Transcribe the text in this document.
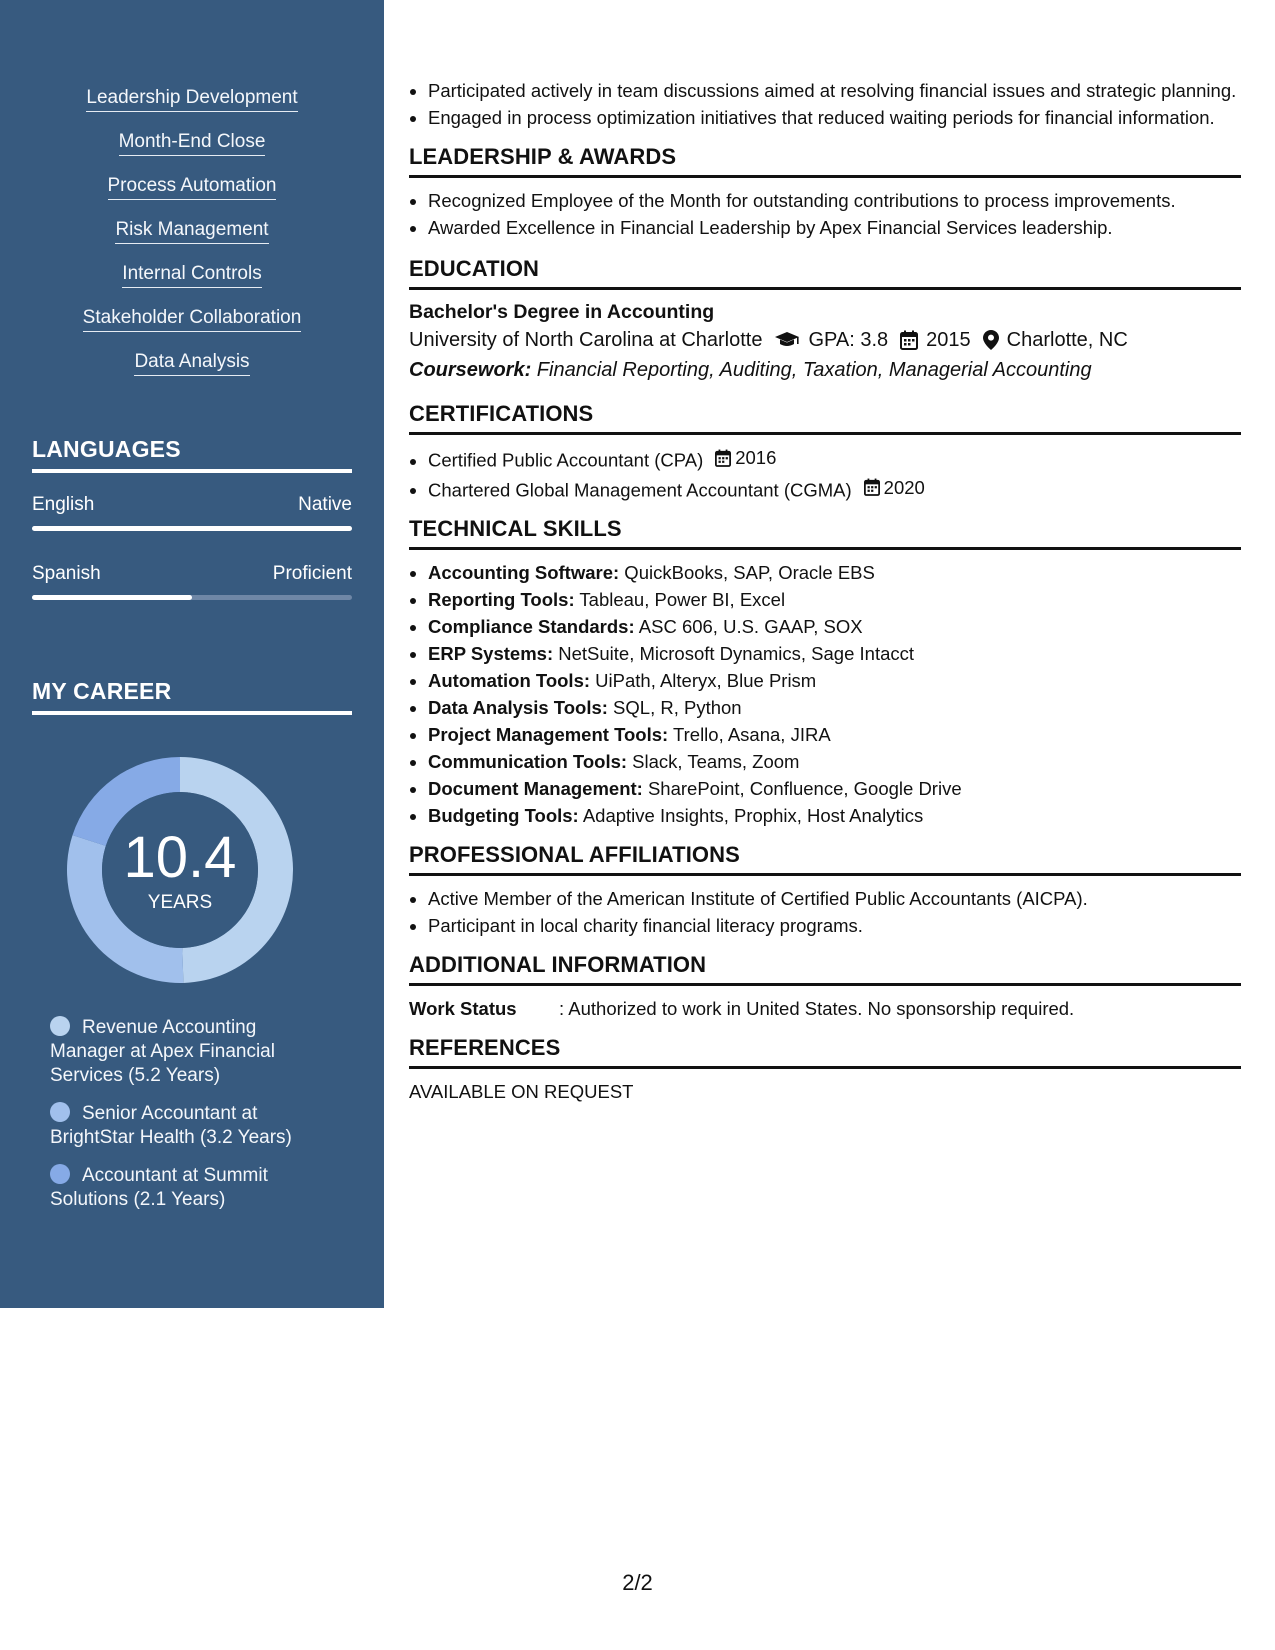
Leadership Development
Month-End Close
Process Automation
Risk Management
Internal Controls
Stakeholder Collaboration
Data Analysis
LANGUAGES
English	Native
Spanish	Proficient
MY CAREER
10.4
YEARS
Revenue Accounting Manager at Apex Financial Services (5.2 Years)
Senior Accountant at BrightStar Health (3.2 Years)
Accountant at Summit Solutions (2.1 Years)
• Participated actively in team discussions aimed at resolving financial issues and strategic planning.
• Engaged in process optimization initiatives that reduced waiting periods for financial information.
LEADERSHIP & AWARDS
• Recognized Employee of the Month for outstanding contributions to process improvements.
• Awarded Excellence in Financial Leadership by Apex Financial Services leadership.
EDUCATION
Bachelor's Degree in Accounting
University of North Carolina at Charlotte GPA: 3.8 2015 Charlotte, NC
Coursework: Financial Reporting, Auditing, Taxation, Managerial Accounting
CERTIFICATIONS
• Certified Public Accountant (CPA) 2016
• Chartered Global Management Accountant (CGMA) 2020
TECHNICAL SKILLS
• Accounting Software: QuickBooks, SAP, Oracle EBS
• Reporting Tools: Tableau, Power BI, Excel
• Compliance Standards: ASC 606, U.S. GAAP, SOX
• ERP Systems: NetSuite, Microsoft Dynamics, Sage Intacct
• Automation Tools: UiPath, Alteryx, Blue Prism
• Data Analysis Tools: SQL, R, Python
• Project Management Tools: Trello, Asana, JIRA
• Communication Tools: Slack, Teams, Zoom
• Document Management: SharePoint, Confluence, Google Drive
• Budgeting Tools: Adaptive Insights, Prophix, Host Analytics
PROFESSIONAL AFFILIATIONS
• Active Member of the American Institute of Certified Public Accountants (AICPA).
• Participant in local charity financial literacy programs.
ADDITIONAL INFORMATION
Work Status	: Authorized to work in United States. No sponsorship required.
REFERENCES
AVAILABLE ON REQUEST
2/2
